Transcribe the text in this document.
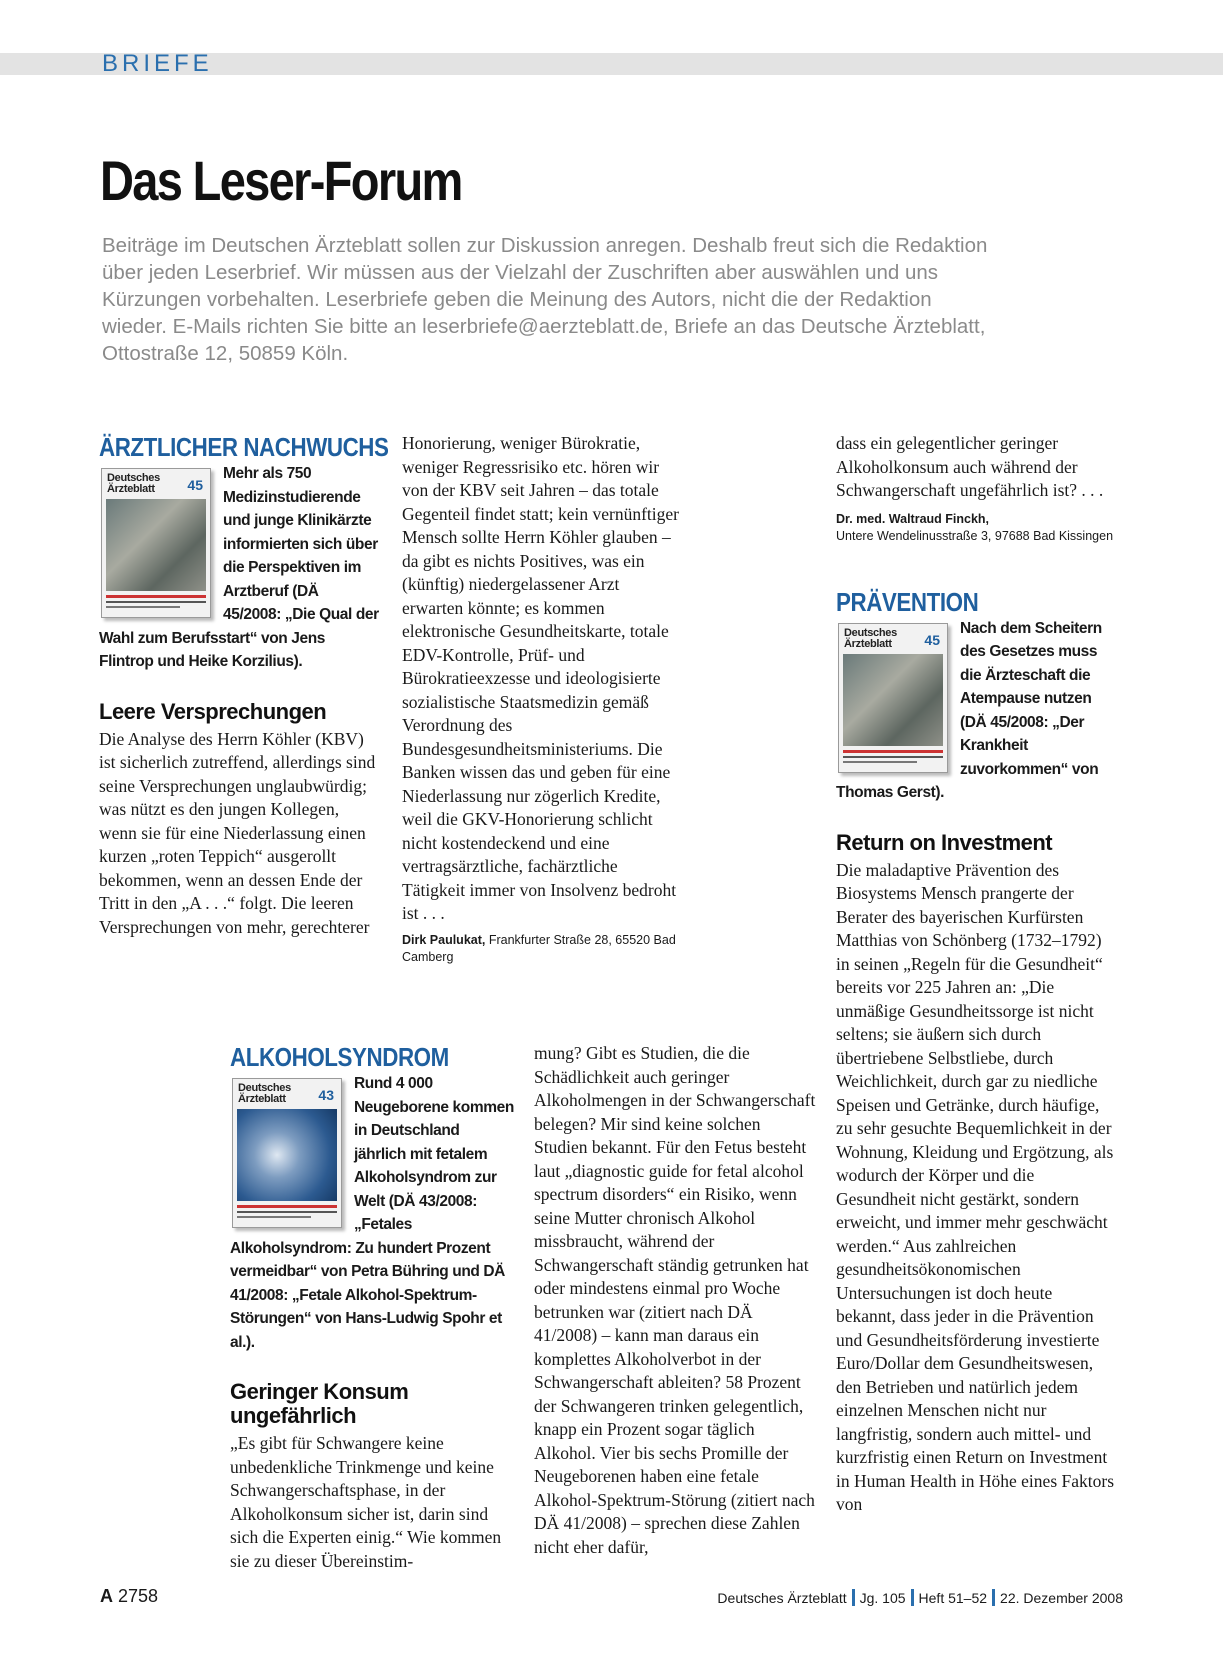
BRIEFE
Das Leser-Forum

Beiträge im Deutschen Ärzteblatt sollen zur Diskussion anregen. Deshalb freut sich die Redaktion über jeden Leserbrief. Wir müssen aus der Vielzahl der Zuschriften aber auswählen und uns Kürzungen vorbehalten. Leserbriefe geben die Meinung des Autors, nicht die der Redaktion wieder. E-Mails richten Sie bitte an leserbriefe@aerzteblatt.de, Briefe an das Deutsche Ärzteblatt, Ottostraße 12, 50859 Köln.

ÄRZTLICHER NACHWUCHS
Deutsches Ärzteblatt	45

Mehr als 750 Medizinstudierende und junge Klinikärzte informierten sich über die Perspektiven im Arztberuf (DÄ 45/2008: „Die Qual der Wahl zum Berufsstart“ von Jens Flintrop und Heike Korzilius).

Leere Versprechungen

Die Analyse des Herrn Köhler (KBV) ist sicherlich zutreffend, allerdings sind seine Versprechungen unglaubwürdig; was nützt es den jungen Kollegen, wenn sie für eine Niederlassung einen kurzen „roten Teppich“ ausgerollt bekommen, wenn an dessen Ende der Tritt in den „A . . .“ folgt. Die leeren Versprechungen von mehr, gerechterer

Honorierung, weniger Bürokratie, weniger Regressrisiko etc. hören wir von der KBV seit Jahren – das totale Gegenteil findet statt; kein vernünftiger Mensch sollte Herrn Köhler glauben – da gibt es nichts Positives, was ein (künftig) niedergelassener Arzt erwarten könnte; es kommen elektronische Gesundheitskarte, totale EDV-Kontrolle, Prüf- und Bürokratieexzesse und ideologisierte sozialistische Staatsmedizin gemäß Verordnung des Bundesgesundheitsministeriums. Die Banken wissen das und geben für eine Niederlassung nur zögerlich Kredite, weil die GKV-Honorierung schlicht nicht kostendeckend und eine vertragsärztliche, fachärztliche Tätigkeit immer von Insolvenz bedroht ist . . .

Dirk Paulukat, Frankfurter Straße 28, 65520 Bad Camberg

dass ein gelegentlicher geringer Alkoholkonsum auch während der Schwangerschaft ungefährlich ist? . . .

Dr. med. Waltraud Finckh,
Untere Wendelinusstraße 3, 97688 Bad Kissingen

PRÄVENTION
Deutsches Ärzteblatt	45

Nach dem Scheitern des Gesetzes muss die Ärzteschaft die Atempause nutzen (DÄ 45/2008: „Der Krankheit zuvorkommen“ von Thomas Gerst).

Return on Investment

Die maladaptive Prävention des Biosystems Mensch prangerte der Berater des bayerischen Kurfürsten Matthias von Schönberg (1732–1792) in seinen „Regeln für die Gesundheit“ bereits vor 225 Jahren an: „Die unmäßige Gesundheitssorge ist nicht seltens; sie äußern sich durch übertriebene Selbstliebe, durch Weichlichkeit, durch gar zu niedliche Speisen und Getränke, durch häufige, zu sehr gesuchte Bequemlichkeit in der Wohnung, Kleidung und Ergötzung, als wodurch der Körper und die Gesundheit nicht gestärkt, sondern erweicht, und immer mehr geschwächt werden.“ Aus zahlreichen gesundheitsökonomischen Untersuchungen ist doch heute bekannt, dass jeder in die Prävention und Gesundheitsförderung investierte Euro/Dollar dem Gesundheitswesen, den Betrieben und natürlich jedem einzelnen Menschen nicht nur langfristig, sondern auch mittel- und kurzfristig einen Return on Investment in Human Health in Höhe eines Faktors von

ALKOHOLSYNDROM
Deutsches Ärzteblatt	43

Rund 4 000 Neugeborene kommen in Deutschland jährlich mit fetalem Alkoholsyndrom zur Welt (DÄ 43/2008: „Fetales Alkoholsyndrom: Zu hundert Prozent vermeidbar“ von Petra Bühring und DÄ 41/2008: „Fetale Alkohol-Spektrum-Störungen“ von Hans-Ludwig Spohr et al.).

Geringer Konsum ungefährlich

„Es gibt für Schwangere keine unbedenkliche Trinkmenge und keine Schwangerschaftsphase, in der Alkoholkonsum sicher ist, darin sind sich die Experten einig.“ Wie kommen sie zu dieser Übereinstim-

mung? Gibt es Studien, die die Schädlichkeit auch geringer Alkoholmengen in der Schwangerschaft belegen? Mir sind keine solchen Studien bekannt. Für den Fetus besteht laut „diagnostic guide for fetal alcohol spectrum disorders“ ein Risiko, wenn seine Mutter chronisch Alkohol missbraucht, während der Schwangerschaft ständig getrunken hat oder mindestens einmal pro Woche betrunken war (zitiert nach DÄ 41/2008) – kann man daraus ein komplettes Alkoholverbot in der Schwangerschaft ableiten? 58 Prozent der Schwangeren trinken gelegentlich, knapp ein Prozent sogar täglich Alkohol. Vier bis sechs Promille der Neugeborenen haben eine fetale Alkohol-Spektrum-Störung (zitiert nach DÄ 41/2008) – sprechen diese Zahlen nicht eher dafür,

A 2758	Deutsches Ärzteblatt Jg. 105 Heft 51–52 22. Dezember 2008
